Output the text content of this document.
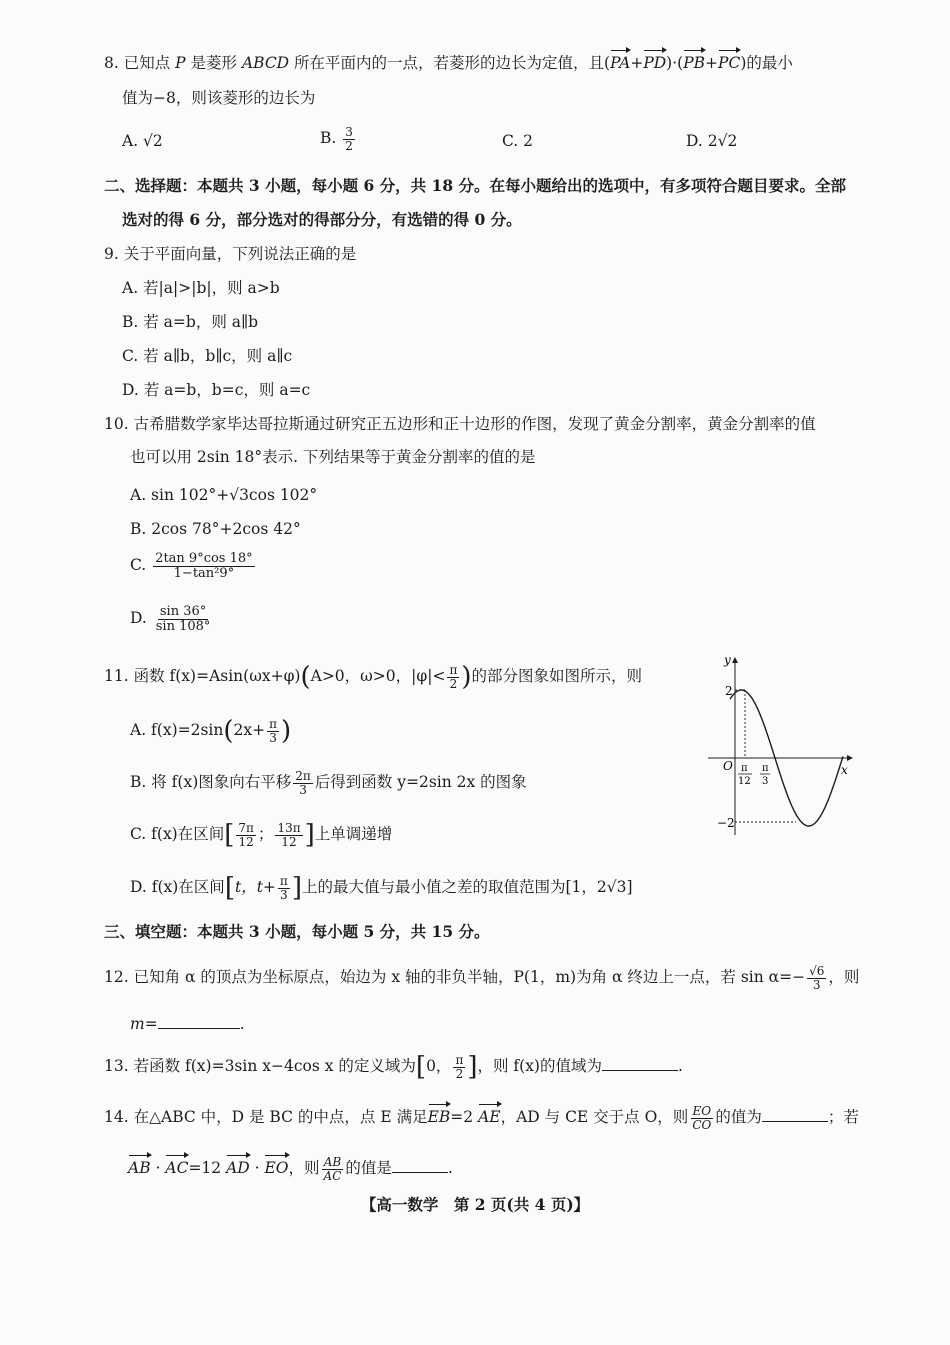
8. 已知点 P 是菱形 ABCD 所在平面内的一点，若菱形的边长为定值，且(PA+PD)·(PB+PC)的最小
值为−8，则该菱形的边长为
A. √2	B. $\frac{3}{2}$	C. 2	D. 2√2
二、选择题：本题共 3 小题，每小题 6 分，共 18 分。在每小题给出的选项中，有多项符合题目要求。全部
选对的得 6 分，部分选对的得部分分，有选错的得 0 分。
9. 关于平面向量，下列说法正确的是
A. 若|a|>|b|，则 a>b
B. 若 a=b，则 a∥b
C. 若 a∥b，b∥c，则 a∥c
D. 若 a=b，b=c，则 a=c
10. 古希腊数学家毕达哥拉斯通过研究正五边形和正十边形的作图，发现了黄金分割率，黄金分割率的值
也可以用 2sin 18°表示. 下列结果等于黄金分割率的值的是
A. sin 102°+√3cos 102°
B. 2cos 78°+2cos 42°
C. $\frac{2\tan 9^\circ\cos 18^\circ}{\text{1−tan²9°}}$
D. $\frac{\sin 36^\circ}{\sin 108^\circ}$
11. 函数 f(x)=Asin(ωx+φ)(A>0，ω>0，$|\varphi|< \frac{\pi}{2}$ )的部分图象如图所示，则
A. $f(x)=2\sin(2x+ \frac{\pi}{3}$ )
B. 将 f(x)图象向右平移 $\frac{2\pi}{3}$ 后得到函数 y=2sin 2x 的图象
C. f(x)在区间[ $\frac{7\pi}{12}$ ； $\frac{13\pi}{12}$ ]上单调递增
D. f(x)在区间[t，$t+ \frac{\pi}{3}$ ]上的最大值与最小值之差的取值范围为[1，2√3]
y
x
O
2
−2
π
12
π
3
三、填空题：本题共 3 小题，每小题 5 分，共 15 分。
12. 已知角 α 的顶点为坐标原点，始边为 x 轴的非负半轴，P(1，m)为角 α 终边上一点，若 $\sin \alpha=- \frac{√6}{3}$ ，则
m=	.
13. 若函数 f(x)=3sin x−4cos x 的定义域为[0， $\frac{\pi}{2}$ ]，则 f(x)的值域为	.
14. 在△ABC 中，D 是 BC 的中点，点 E 满足EB=2 AE，AD 与 CE 交于点 O，则 $\frac{EO}{CO}$ 的值为	；若
AB · AC=12 AD · EO，则 $\frac{AB}{AC}$ 的值是	.
【高一数学　第 2 页(共 4 页)】
